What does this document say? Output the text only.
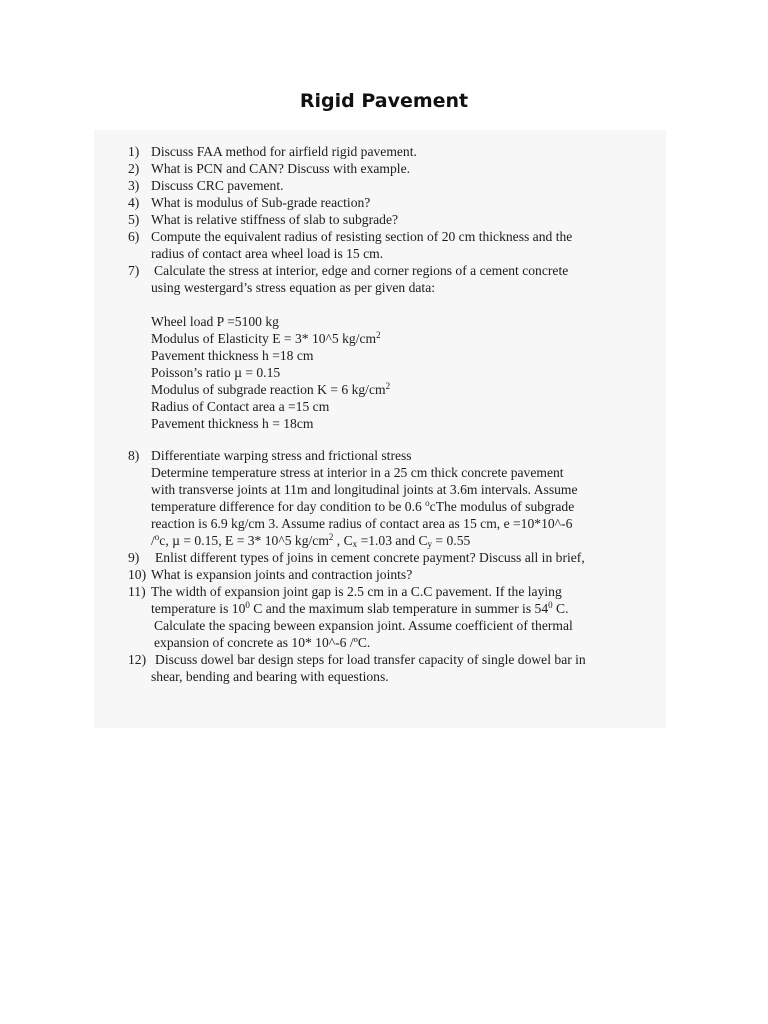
Rigid Pavement
1) Discuss FAA method for airfield rigid pavement.
2) What is PCN and CAN? Discuss with example.
3) Discuss CRC pavement.
4) What is modulus of Sub-grade reaction?
5) What is relative stiffness of slab to subgrade?
6) Compute the equivalent radius of resisting section of 20 cm thickness and the
radius of contact area wheel load is 15 cm.
7) Calculate the stress at interior, edge and corner regions of a cement concrete
using westergard’s stress equation as per given data:
Wheel load P =5100 kg
Modulus of Elasticity E = 3* 10^5 $kg/cm^2$
Pavement thickness h =18 cm
Poisson’s ratio µ = 0.15
Modulus of subgrade reaction K = 6 $kg/cm^2$
Radius of Contact area a =15 cm
Pavement thickness h = 18cm
8) Differentiate warping stress and frictional stress
Determine temperature stress at interior in a 25 cm thick concrete pavement
with transverse joints at 11m and longitudinal joints at 3.6m intervals. Assume
temperature difference for day condition to be 0.6 $^o$cThe modulus of subgrade
reaction is 6.9 kg/cm 3. Assume radius of contact area as 15 cm, e =10*10^-6
/$^o$c, µ = 0.15, E = 3* 10^5 $kg/cm^2$ , $C_x =1.03$ and $C_y = 0.55$
9) Enlist different types of joins in cement concrete payment? Discuss all in brief,
10) What is expansion joints and contraction joints?
11) The width of expansion joint gap is 2.5 cm in a C.C pavement. If the laying
temperature is $10^0$ C and the maximum slab temperature in summer is $54^0$ C.
Calculate the spacing beween expansion joint. Assume coefficient of thermal
expansion of concrete as 10* 10^-6 /ºC.
12) Discuss dowel bar design steps for load transfer capacity of single dowel bar in
shear, bending and bearing with equestions.
